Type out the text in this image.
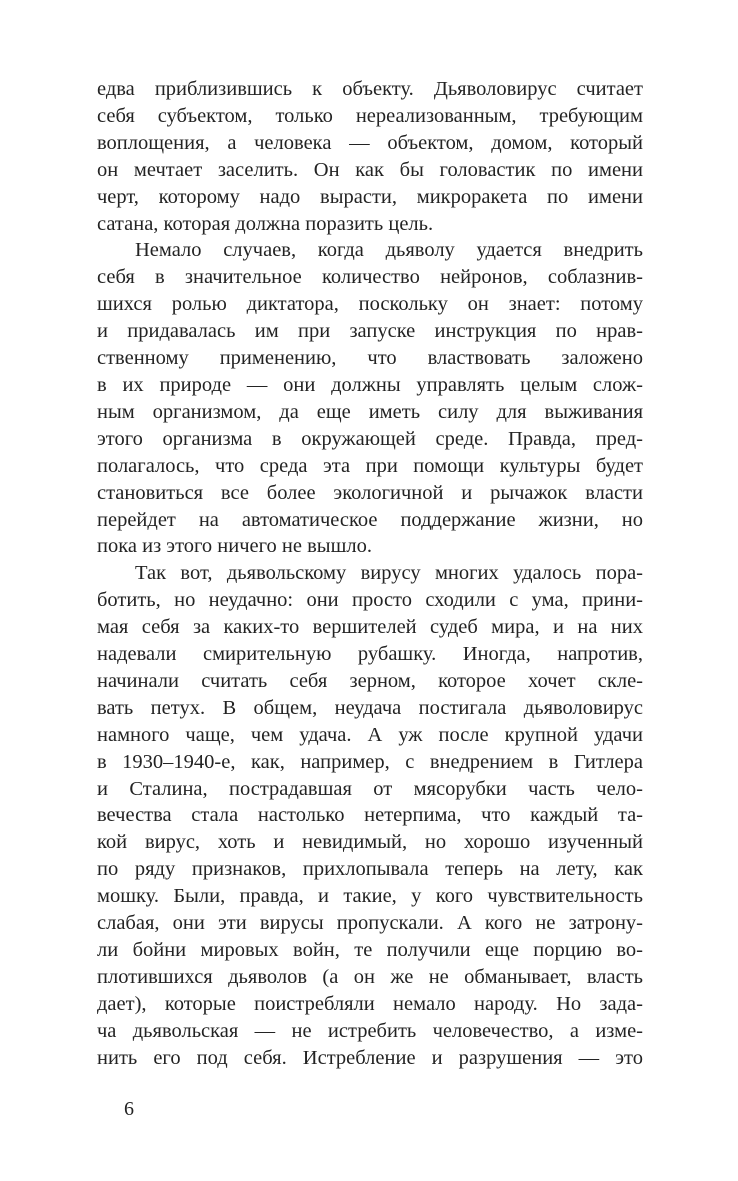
едва приблизившись к объекту. Дьяволовирус считает
себя субъектом, только нереализованным, требующим
воплощения, а человека — объектом, домом, который
он мечтает заселить. Он как бы головастик по имени
черт, которому надо вырасти, микроракета по имени
сатана, которая должна поразить цель.
Немало случаев, когда дьяволу удается внедрить
себя в значительное количество нейронов, соблазнив-
шихся ролью диктатора, поскольку он знает: потому
и придавалась им при запуске инструкция по нрав-
ственному применению, что властвовать заложено
в их природе — они должны управлять целым слож-
ным организмом, да еще иметь силу для выживания
этого организма в окружающей среде. Правда, пред-
полагалось, что среда эта при помощи культуры будет
становиться все более экологичной и рычажок власти
перейдет на автоматическое поддержание жизни, но
пока из этого ничего не вышло.
Так вот, дьявольскому вирусу многих удалось пора-
ботить, но неудачно: они просто сходили с ума, прини-
мая себя за каких-то вершителей судеб мира, и на них
надевали смирительную рубашку. Иногда, напротив,
начинали считать себя зерном, которое хочет скле-
вать петух. В общем, неудача постигала дьяволовирус
намного чаще, чем удача. А уж после крупной удачи
в 1930–1940-е, как, например, с внедрением в Гитлера
и Сталина, пострадавшая от мясорубки часть чело-
вечества стала настолько нетерпима, что каждый та-
кой вирус, хоть и невидимый, но хорошо изученный
по ряду признаков, прихлопывала теперь на лету, как
мошку. Были, правда, и такие, у кого чувствительность
слабая, они эти вирусы пропускали. А кого не затрону-
ли бойни мировых войн, те получили еще порцию во-
плотившихся дьяволов (а он же не обманывает, власть
дает), которые поистребляли немало народу. Но зада-
ча дьявольская — не истребить человечество, а изме-
нить его под себя. Истребление и разрушения — это
6
